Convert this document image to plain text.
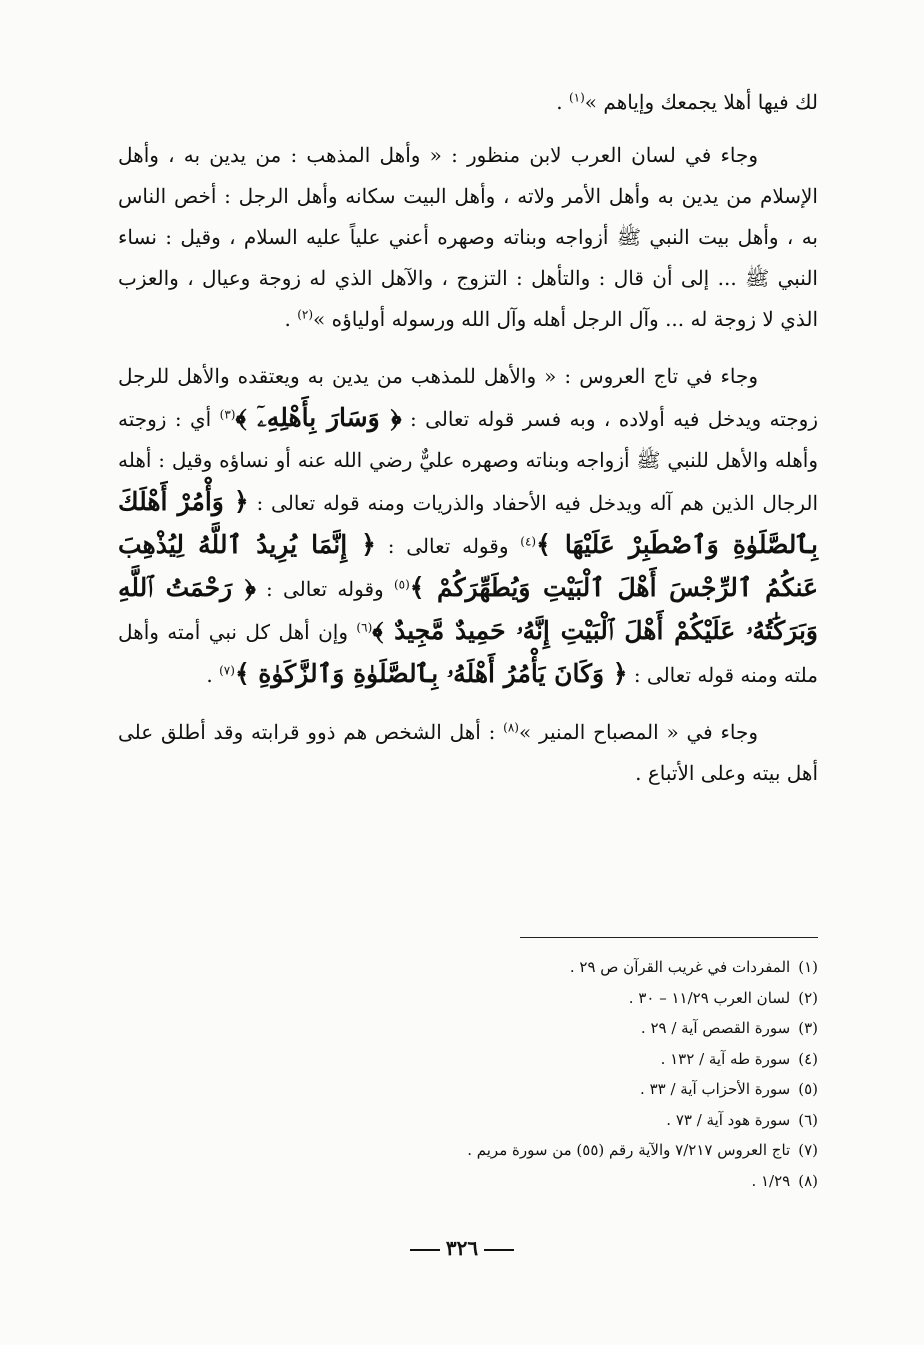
لك فيها أهلا يجمعك وإياهم »$^{(١)}$ .

وجاء في لسان العرب لابن منظور : « وأهل المذهب : من يدين به ، وأهل الإسلام من يدين به وأهل الأمر ولاته ، وأهل البيت سكانه وأهل الرجل : أخص الناس به ، وأهل بيت النبي ﷺ أزواجه وبناته وصهره أعني علياً عليه السلام ، وقيل : نساء النبي ﷺ ... إلى أن قال : والتأهل : التزوج ، والآهل الذي له زوجة وعيال ، والعزب الذي لا زوجة له ... وآل الرجل أهله وآل الله ورسوله أولياؤه »$^{(٢)}$ .

وجاء في تاج العروس : « والأهل للمذهب من يدين به ويعتقده والأهل للرجل زوجته ويدخل فيه أولاده ، وبه فسر قوله تعالى : ﴿ وَسَارَ بِأَهْلِهِۦٓ ﴾$^{(٣)}$ أي : زوجته وأهله والأهل للنبي ﷺ أزواجه وبناته وصهره عليٌّ رضي الله عنه أو نساؤه وقيل : أهله الرجال الذين هم آله ويدخل فيه الأحفاد والذريات ومنه قوله تعالى : ﴿ وَأْمُرْ أَهْلَكَ بِٱلصَّلَوٰةِ وَٱصْطَبِرْ عَلَيْهَا ﴾$^{(٤)}$ وقوله تعالى : ﴿ إِنَّمَا يُرِيدُ ٱللَّهُ لِيُذْهِبَ عَنكُمُ ٱلرِّجْسَ أَهْلَ ٱلْبَيْتِ وَيُطَهِّرَكُمْ ﴾$^{(٥)}$ وقوله تعالى : ﴿ رَحْمَتُ ٱللَّهِ وَبَرَكَٰتُهُۥ عَلَيْكُمْ أَهْلَ ٱلْبَيْتِ إِنَّهُۥ حَمِيدٌ مَّجِيدٌ ﴾$^{(٦)}$ وإن أهل كل نبي أمته وأهل ملته ومنه قوله تعالى : ﴿ وَكَانَ يَأْمُرُ أَهْلَهُۥ بِٱلصَّلَوٰةِ وَٱلزَّكَوٰةِ ﴾$^{(٧)}$ .

وجاء في « المصباح المنير »$^{(٨)}$ : أهل الشخص هم ذوو قرابته وقد أطلق على أهل بيته وعلى الأتباع .

(١)المفردات في غريب القرآن ص ٢٩ .
(٢)لسان العرب ١١/٢٩ – ٣٠ .
(٣)سورة القصص آية / ٢٩ .
(٤)سورة طه آية / ١٣٢ .
(٥)سورة الأحزاب آية / ٣٣ .
(٦)سورة هود آية / ٧٣ .
(٧)تاج العروس ٧/٢١٧ والآية رقم (٥٥) من سورة مريم .
(٨)١/٢٩ .
٣٢٦
